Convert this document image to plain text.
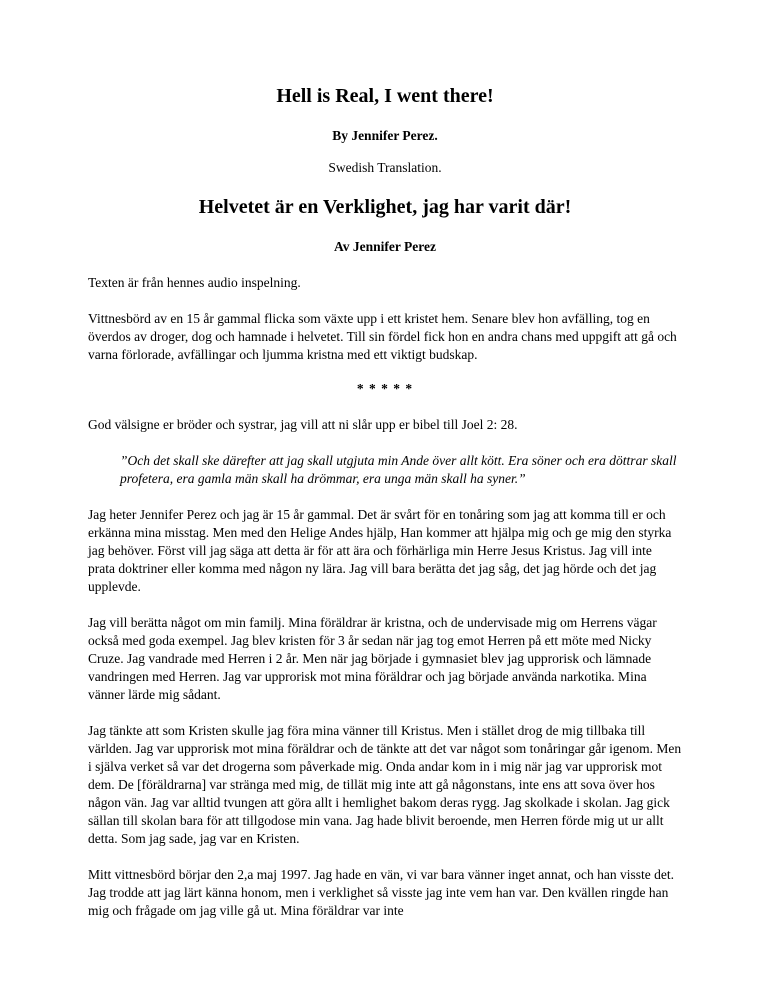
Hell is Real, I went there!
By Jennifer Perez.
Swedish Translation.
Helvetet är en Verklighet, jag har varit där!
Av Jennifer Perez

Texten är från hennes audio inspelning.

Vittnesbörd av en 15 år gammal flicka som växte upp i ett kristet hem. Senare blev hon avfälling, tog en överdos av droger, dog och hamnade i helvetet. Till sin fördel fick hon en andra chans med uppgift att gå och varna förlorade, avfällingar och ljumma kristna med ett viktigt budskap.

* * * * *

God välsigne er bröder och systrar, jag vill att ni slår upp er bibel till Joel 2: 28.

”Och det skall ske därefter att jag skall utgjuta min Ande över allt kött. Era söner och era döttrar skall profetera, era gamla män skall ha drömmar, era unga män skall ha syner.”

Jag heter Jennifer Perez och jag är 15 år gammal. Det är svårt för en tonåring som jag att komma till er och erkänna mina misstag. Men med den Helige Andes hjälp, Han kommer att hjälpa mig och ge mig den styrka jag behöver. Först vill jag säga att detta är för att ära och förhärliga min Herre Jesus Kristus. Jag vill inte prata doktriner eller komma med någon ny lära. Jag vill bara berätta det jag såg, det jag hörde och det jag upplevde.

Jag vill berätta något om min familj. Mina föräldrar är kristna, och de undervisade mig om Herrens vägar också med goda exempel. Jag blev kristen för 3 år sedan när jag tog emot Herren på ett möte med Nicky Cruze. Jag vandrade med Herren i 2 år. Men när jag började i gymnasiet blev jag upprorisk och lämnade vandringen med Herren. Jag var upprorisk mot mina föräldrar och jag började använda narkotika. Mina vänner lärde mig sådant.

Jag tänkte att som Kristen skulle jag föra mina vänner till Kristus. Men i stället drog de mig tillbaka till världen. Jag var upprorisk mot mina föräldrar och de tänkte att det var något som tonåringar går igenom. Men i själva verket så var det drogerna som påverkade mig. Onda andar kom in i mig när jag var upprorisk mot dem. De [föräldrarna] var stränga med mig, de tillät mig inte att gå någonstans, inte ens att sova över hos någon vän. Jag var alltid tvungen att göra allt i hemlighet bakom deras rygg. Jag skolkade i skolan. Jag gick sällan till skolan bara för att tillgodose min vana. Jag hade blivit beroende, men Herren förde mig ut ur allt detta. Som jag sade, jag var en Kristen.

Mitt vittnesbörd börjar den 2,a maj 1997. Jag hade en vän, vi var bara vänner inget annat, och han visste det. Jag trodde att jag lärt känna honom, men i verklighet så visste jag inte vem han var. Den kvällen ringde han mig och frågade om jag ville gå ut. Mina föräldrar var inte
